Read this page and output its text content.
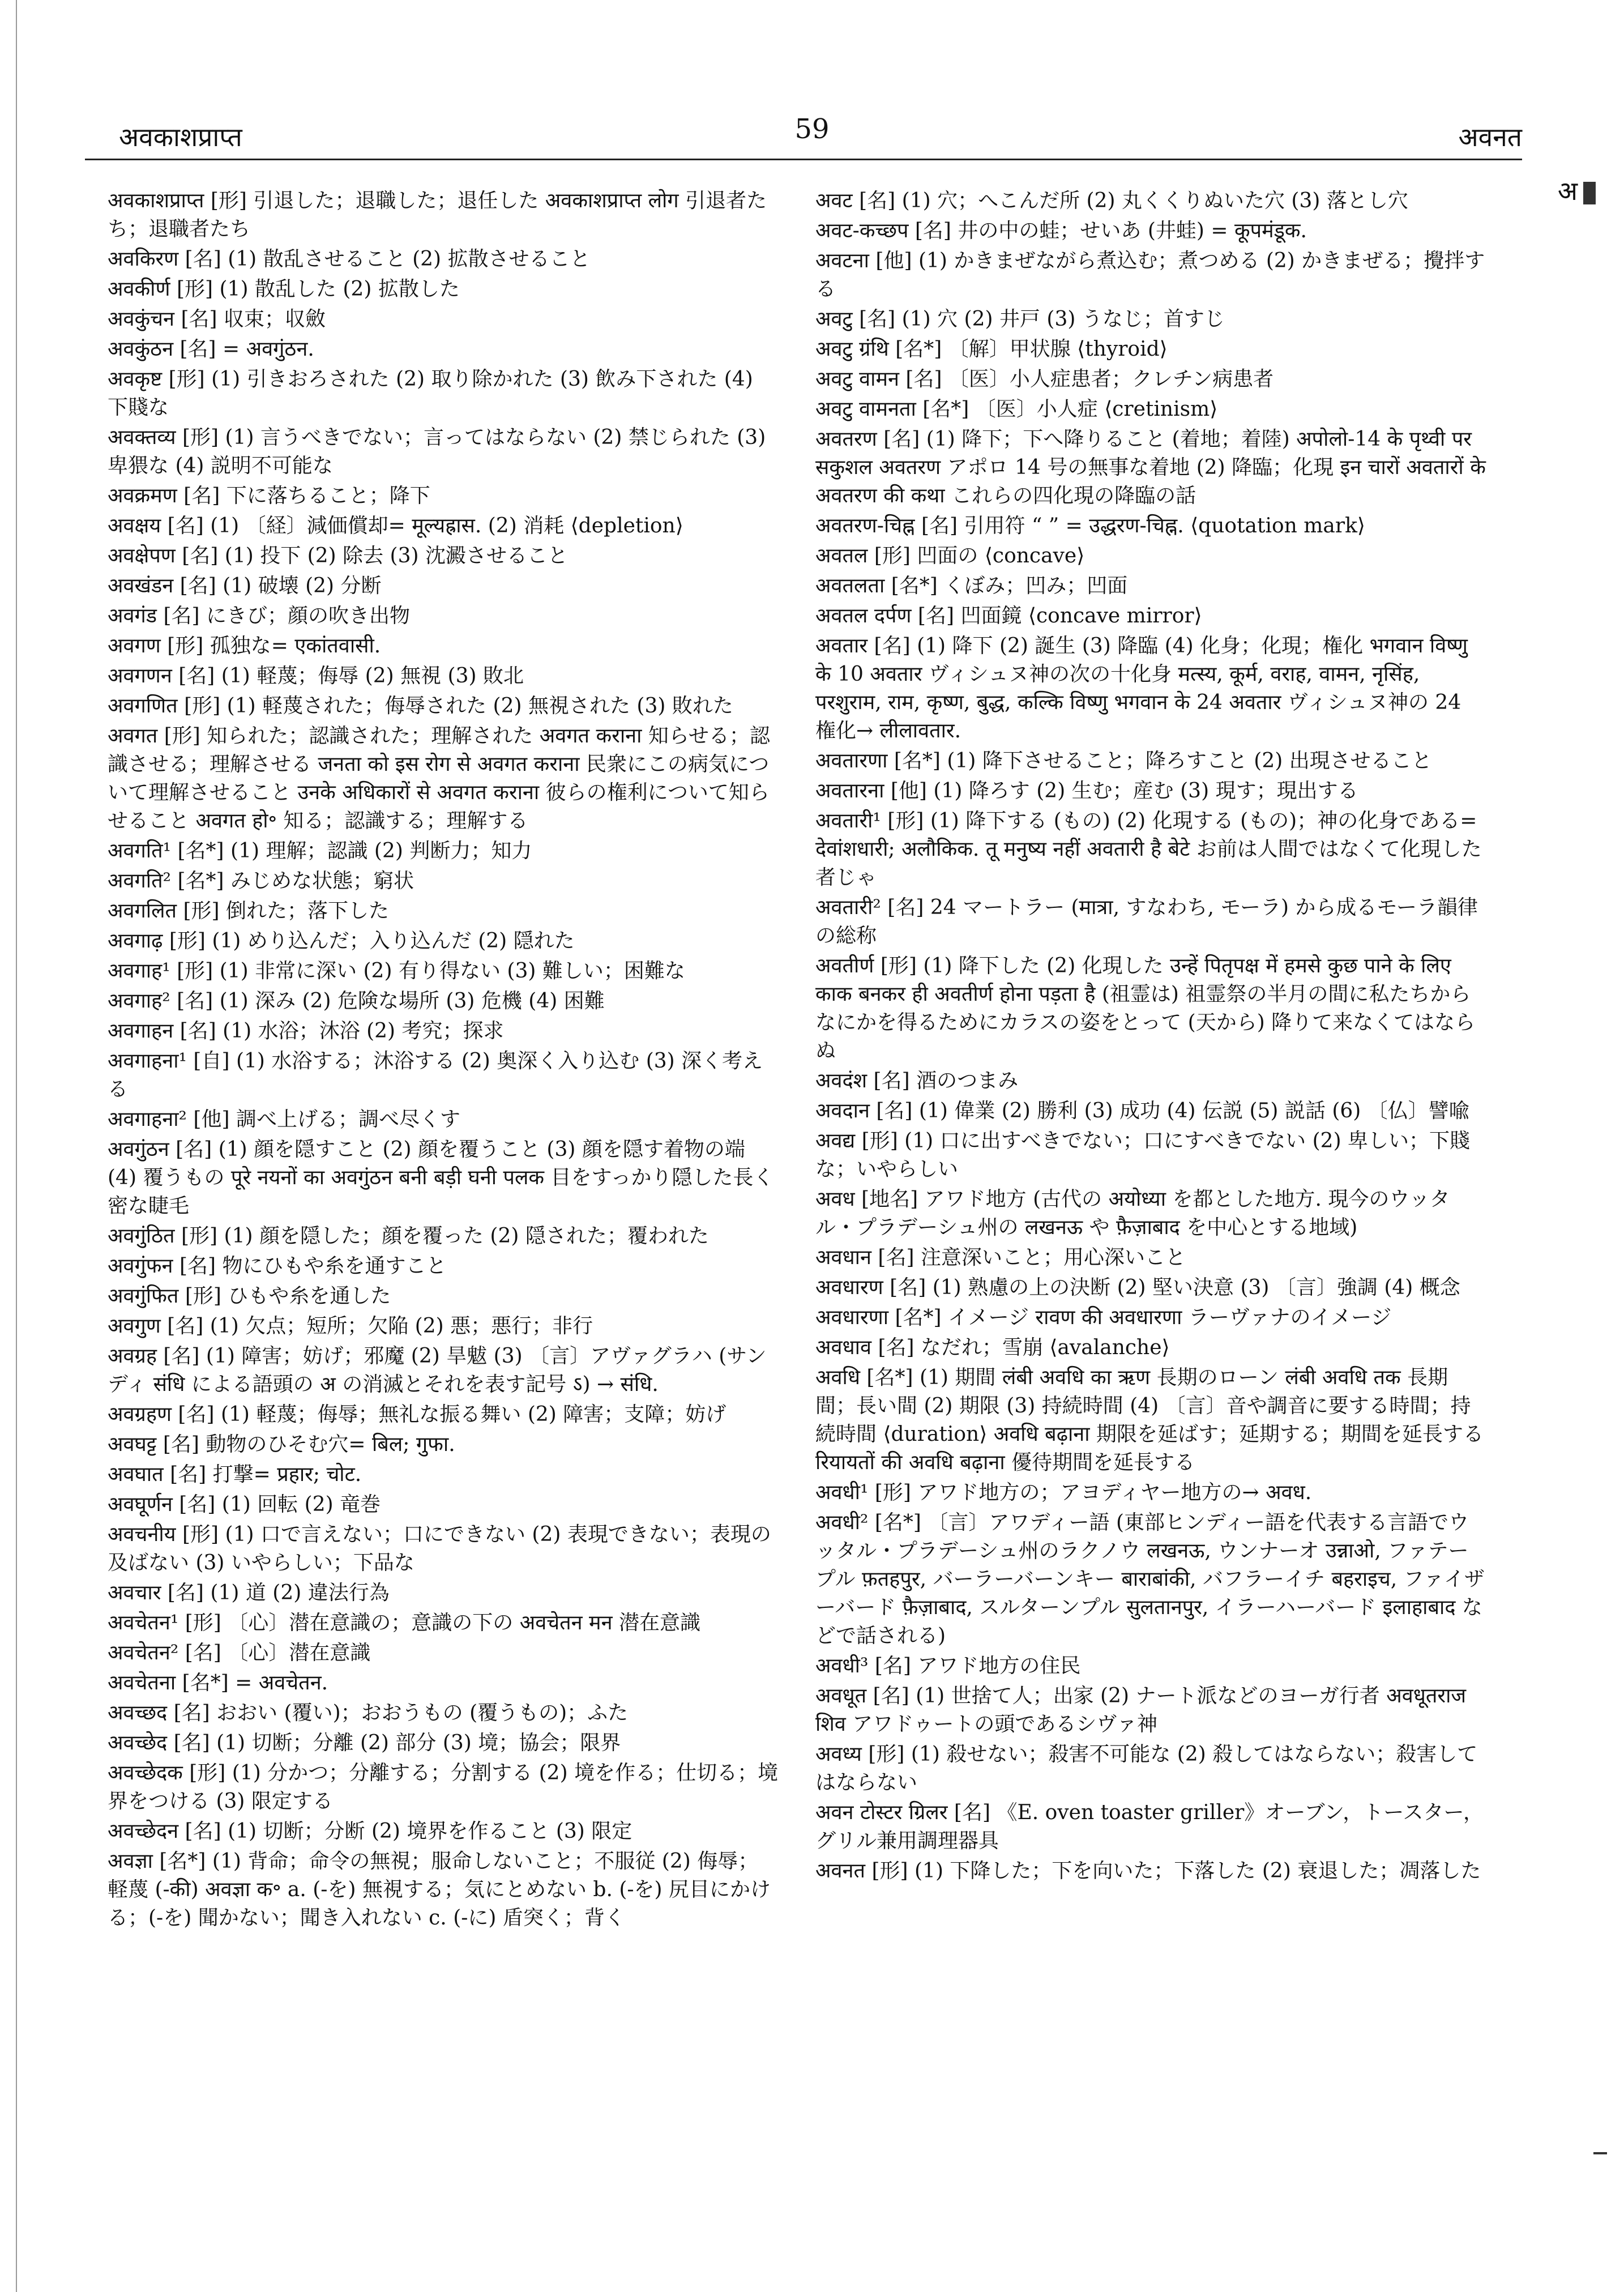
अवकाशप्राप्त	59	अवनत
अ

अवकाशप्राप्त [形] 引退した；退職した；退任した अवकाशप्राप्त लोग 引退者たち；退職者たち

अवकिरण [名] (1) 散乱させること (2) 拡散させること

अवकीर्ण [形] (1) 散乱した (2) 拡散した

अवकुंचन [名] 収束；収斂

अवकुंठन [名] = अवगुंठन.

अवकृष्ट [形] (1) 引きおろされた (2) 取り除かれた (3) 飲み下された (4) 下賤な

अवक्तव्य [形] (1) 言うべきでない；言ってはならない (2) 禁じられた (3) 卑猥な (4) 説明不可能な

अवक्रमण [名] 下に落ちること；降下

अवक्षय [名] (1) 〔経〕減価償却= मूल्यह्रास. (2) 消耗 ⟨depletion⟩

अवक्षेपण [名] (1) 投下 (2) 除去 (3) 沈澱させること

अवखंडन [名] (1) 破壊 (2) 分断

अवगंड [名] にきび；顔の吹き出物

अवगण [形] 孤独な= एकांतवासी.

अवगणन [名] (1) 軽蔑；侮辱 (2) 無視 (3) 敗北

अवगणित [形] (1) 軽蔑された；侮辱された (2) 無視された (3) 敗れた

अवगत [形] 知られた；認識された；理解された अवगत कराना 知らせる；認識させる；理解させる जनता को इस रोग से अवगत कराना 民衆にこの病気について理解させること उनके अधिकारों से अवगत कराना 彼らの権利について知らせること अवगत हो॰ 知る；認識する；理解する

अवगति¹ [名*] (1) 理解；認識 (2) 判断力；知力

अवगति² [名*] みじめな状態；窮状

अवगलित [形] 倒れた；落下した

अवगाढ़ [形] (1) めり込んだ；入り込んだ (2) 隠れた

अवगाह¹ [形] (1) 非常に深い (2) 有り得ない (3) 難しい；困難な

अवगाह² [名] (1) 深み (2) 危険な場所 (3) 危機 (4) 困難

अवगाहन [名] (1) 水浴；沐浴 (2) 考究；探求

अवगाहना¹ [自] (1) 水浴する；沐浴する (2) 奥深く入り込む (3) 深く考える

अवगाहना² [他] 調べ上げる；調べ尽くす

अवगुंठन [名] (1) 顔を隠すこと (2) 顔を覆うこと (3) 顔を隠す着物の端 (4) 覆うもの पूरे नयनों का अवगुंठन बनी बड़ी घनी पलक 目をすっかり隠した長く密な睫毛

अवगुंठित [形] (1) 顔を隠した；顔を覆った (2) 隠された；覆われた

अवगुंफन [名] 物にひもや糸を通すこと

अवगुंफित [形] ひもや糸を通した

अवगुण [名] (1) 欠点；短所；欠陥 (2) 悪；悪行；非行

अवग्रह [名] (1) 障害；妨げ；邪魔 (2) 旱魃 (3) 〔言〕アヴァグラハ (サンディ संधि による語頭の अ の消滅とそれを表す記号 ऽ) → संधि.

अवग्रहण [名] (1) 軽蔑；侮辱；無礼な振る舞い (2) 障害；支障；妨げ

अवघट्ट [名] 動物のひそむ穴= बिल; गुफा.

अवघात [名] 打撃= प्रहार; चोट.

अवघूर्णन [名] (1) 回転 (2) 竜巻

अवचनीय [形] (1) 口で言えない；口にできない (2) 表現できない；表現の及ばない (3) いやらしい；下品な

अवचार [名] (1) 道 (2) 違法行為

अवचेतन¹ [形] 〔心〕潜在意識の；意識の下の अवचेतन मन 潜在意識

अवचेतन² [名] 〔心〕潜在意識

अवचेतना [名*] = अवचेतन.

अवच्छद [名] おおい (覆い)；おおうもの (覆うもの)；ふた

अवच्छेद [名] (1) 切断；分離 (2) 部分 (3) 境；協会；限界

अवच्छेदक [形] (1) 分かつ；分離する；分割する (2) 境を作る；仕切る；境界をつける (3) 限定する

अवच्छेदन [名] (1) 切断；分断 (2) 境界を作ること (3) 限定

अवज्ञा [名*] (1) 背命；命令の無視；服命しないこと；不服従 (2) 侮辱；軽蔑 (-की) अवज्ञा क॰ a. (-を) 無視する；気にとめない b. (-を) 尻目にかける；(-を) 聞かない；聞き入れない c. (-に) 盾突く；背く

अवट [名] (1) 穴；へこんだ所 (2) 丸くくりぬいた穴 (3) 落とし穴

अवट-कच्छप [名] 井の中の蛙；せいあ (井蛙) = कूपमंडूक.

अवटना [他] (1) かきまぜながら煮込む；煮つめる (2) かきまぜる；攪拌する

अवटु [名] (1) 穴 (2) 井戸 (3) うなじ；首すじ

अवटु ग्रंथि [名*] 〔解〕甲状腺 ⟨thyroid⟩

अवटु वामन [名] 〔医〕小人症患者；クレチン病患者

अवटु वामनता [名*] 〔医〕小人症 ⟨cretinism⟩

अवतरण [名] (1) 降下；下へ降りること (着地；着陸) अपोलो-14 के पृथ्वी पर सकुशल अवतरण アポロ 14 号の無事な着地 (2) 降臨；化現 इन चारों अवतारों के अवतरण की कथा これらの四化現の降臨の話

अवतरण-चिह्न [名] 引用符 “ ” = उद्धरण-चिह्न. ⟨quotation mark⟩

अवतल [形] 凹面の ⟨concave⟩

अवतलता [名*] くぼみ；凹み；凹面

अवतल दर्पण [名] 凹面鏡 ⟨concave mirror⟩

अवतार [名] (1) 降下 (2) 誕生 (3) 降臨 (4) 化身；化現；権化 भगवान विष्णु के 10 अवतार ヴィシュヌ神の次の十化身 मत्स्य, कूर्म, वराह, वामन, नृसिंह, परशुराम, राम, कृष्ण, बुद्ध, कल्कि विष्णु भगवान के 24 अवतार ヴィシュヌ神の 24 権化→ लीलावतार.

अवतारणा [名*] (1) 降下させること；降ろすこと (2) 出現させること

अवतारना [他] (1) 降ろす (2) 生む；産む (3) 現す；現出する

अवतारी¹ [形] (1) 降下する (もの) (2) 化現する (もの)；神の化身である= देवांशधारी; अलौकिक. तू मनुष्य नहीं अवतारी है बेटे お前は人間ではなくて化現した者じゃ

अवतारी² [名] 24 マートラー (मात्रा, すなわち, モーラ) から成るモーラ韻律の総称

अवतीर्ण [形] (1) 降下した (2) 化現した उन्हें पितृपक्ष में हमसे कुछ पाने के लिए काक बनकर ही अवतीर्ण होना पड़ता है (祖霊は) 祖霊祭の半月の間に私たちからなにかを得るためにカラスの姿をとって (天から) 降りて来なくてはならぬ

अवदंश [名] 酒のつまみ

अवदान [名] (1) 偉業 (2) 勝利 (3) 成功 (4) 伝説 (5) 説話 (6) 〔仏〕譬喩

अवद्य [形] (1) 口に出すべきでない；口にすべきでない (2) 卑しい；下賤な；いやらしい

अवध [地名] アワド地方 (古代の अयोध्या を都とした地方. 現今のウッタル・プラデーシュ州の लखनऊ や फ़ैज़ाबाद を中心とする地域)

अवधान [名] 注意深いこと；用心深いこと

अवधारण [名] (1) 熟慮の上の決断 (2) 堅い決意 (3) 〔言〕強調 (4) 概念

अवधारणा [名*] イメージ रावण की अवधारणा ラーヴァナのイメージ

अवधाव [名] なだれ；雪崩 ⟨avalanche⟩

अवधि [名*] (1) 期間 लंबी अवधि का ऋण 長期のローン लंबी अवधि तक 長期間；長い間 (2) 期限 (3) 持続時間 (4) 〔言〕音や調音に要する時間；持続時間 ⟨duration⟩ अवधि बढ़ाना 期限を延ばす；延期する；期間を延長する रियायतों की अवधि बढ़ाना 優待期間を延長する

अवधी¹ [形] アワド地方の；アヨディヤー地方の→ अवध.

अवधी² [名*] 〔言〕アワディー語 (東部ヒンディー語を代表する言語でウッタル・プラデーシュ州のラクノウ लखनऊ, ウンナーオ उन्नाओ, ファテープル फ़तहपुर, バーラーバーンキー बाराबांकी, バフラーイチ बहराइच, ファイザーバード फ़ैज़ाबाद, スルターンプル सुलतानपुर, イラーハーバード इलाहाबाद などで話される)

अवधी³ [名] アワド地方の住民

अवधूत [名] (1) 世捨て人；出家 (2) ナート派などのヨーガ行者 अवधूतराज शिव アワドゥートの頭であるシヴァ神

अवध्य [形] (1) 殺せない；殺害不可能な (2) 殺してはならない；殺害してはならない

अवन टोस्टर ग्रिलर [名] 《E. oven toaster griller》オーブン，トースター，グリル兼用調理器具

अवनत [形] (1) 下降した；下を向いた；下落した (2) 衰退した；凋落した
